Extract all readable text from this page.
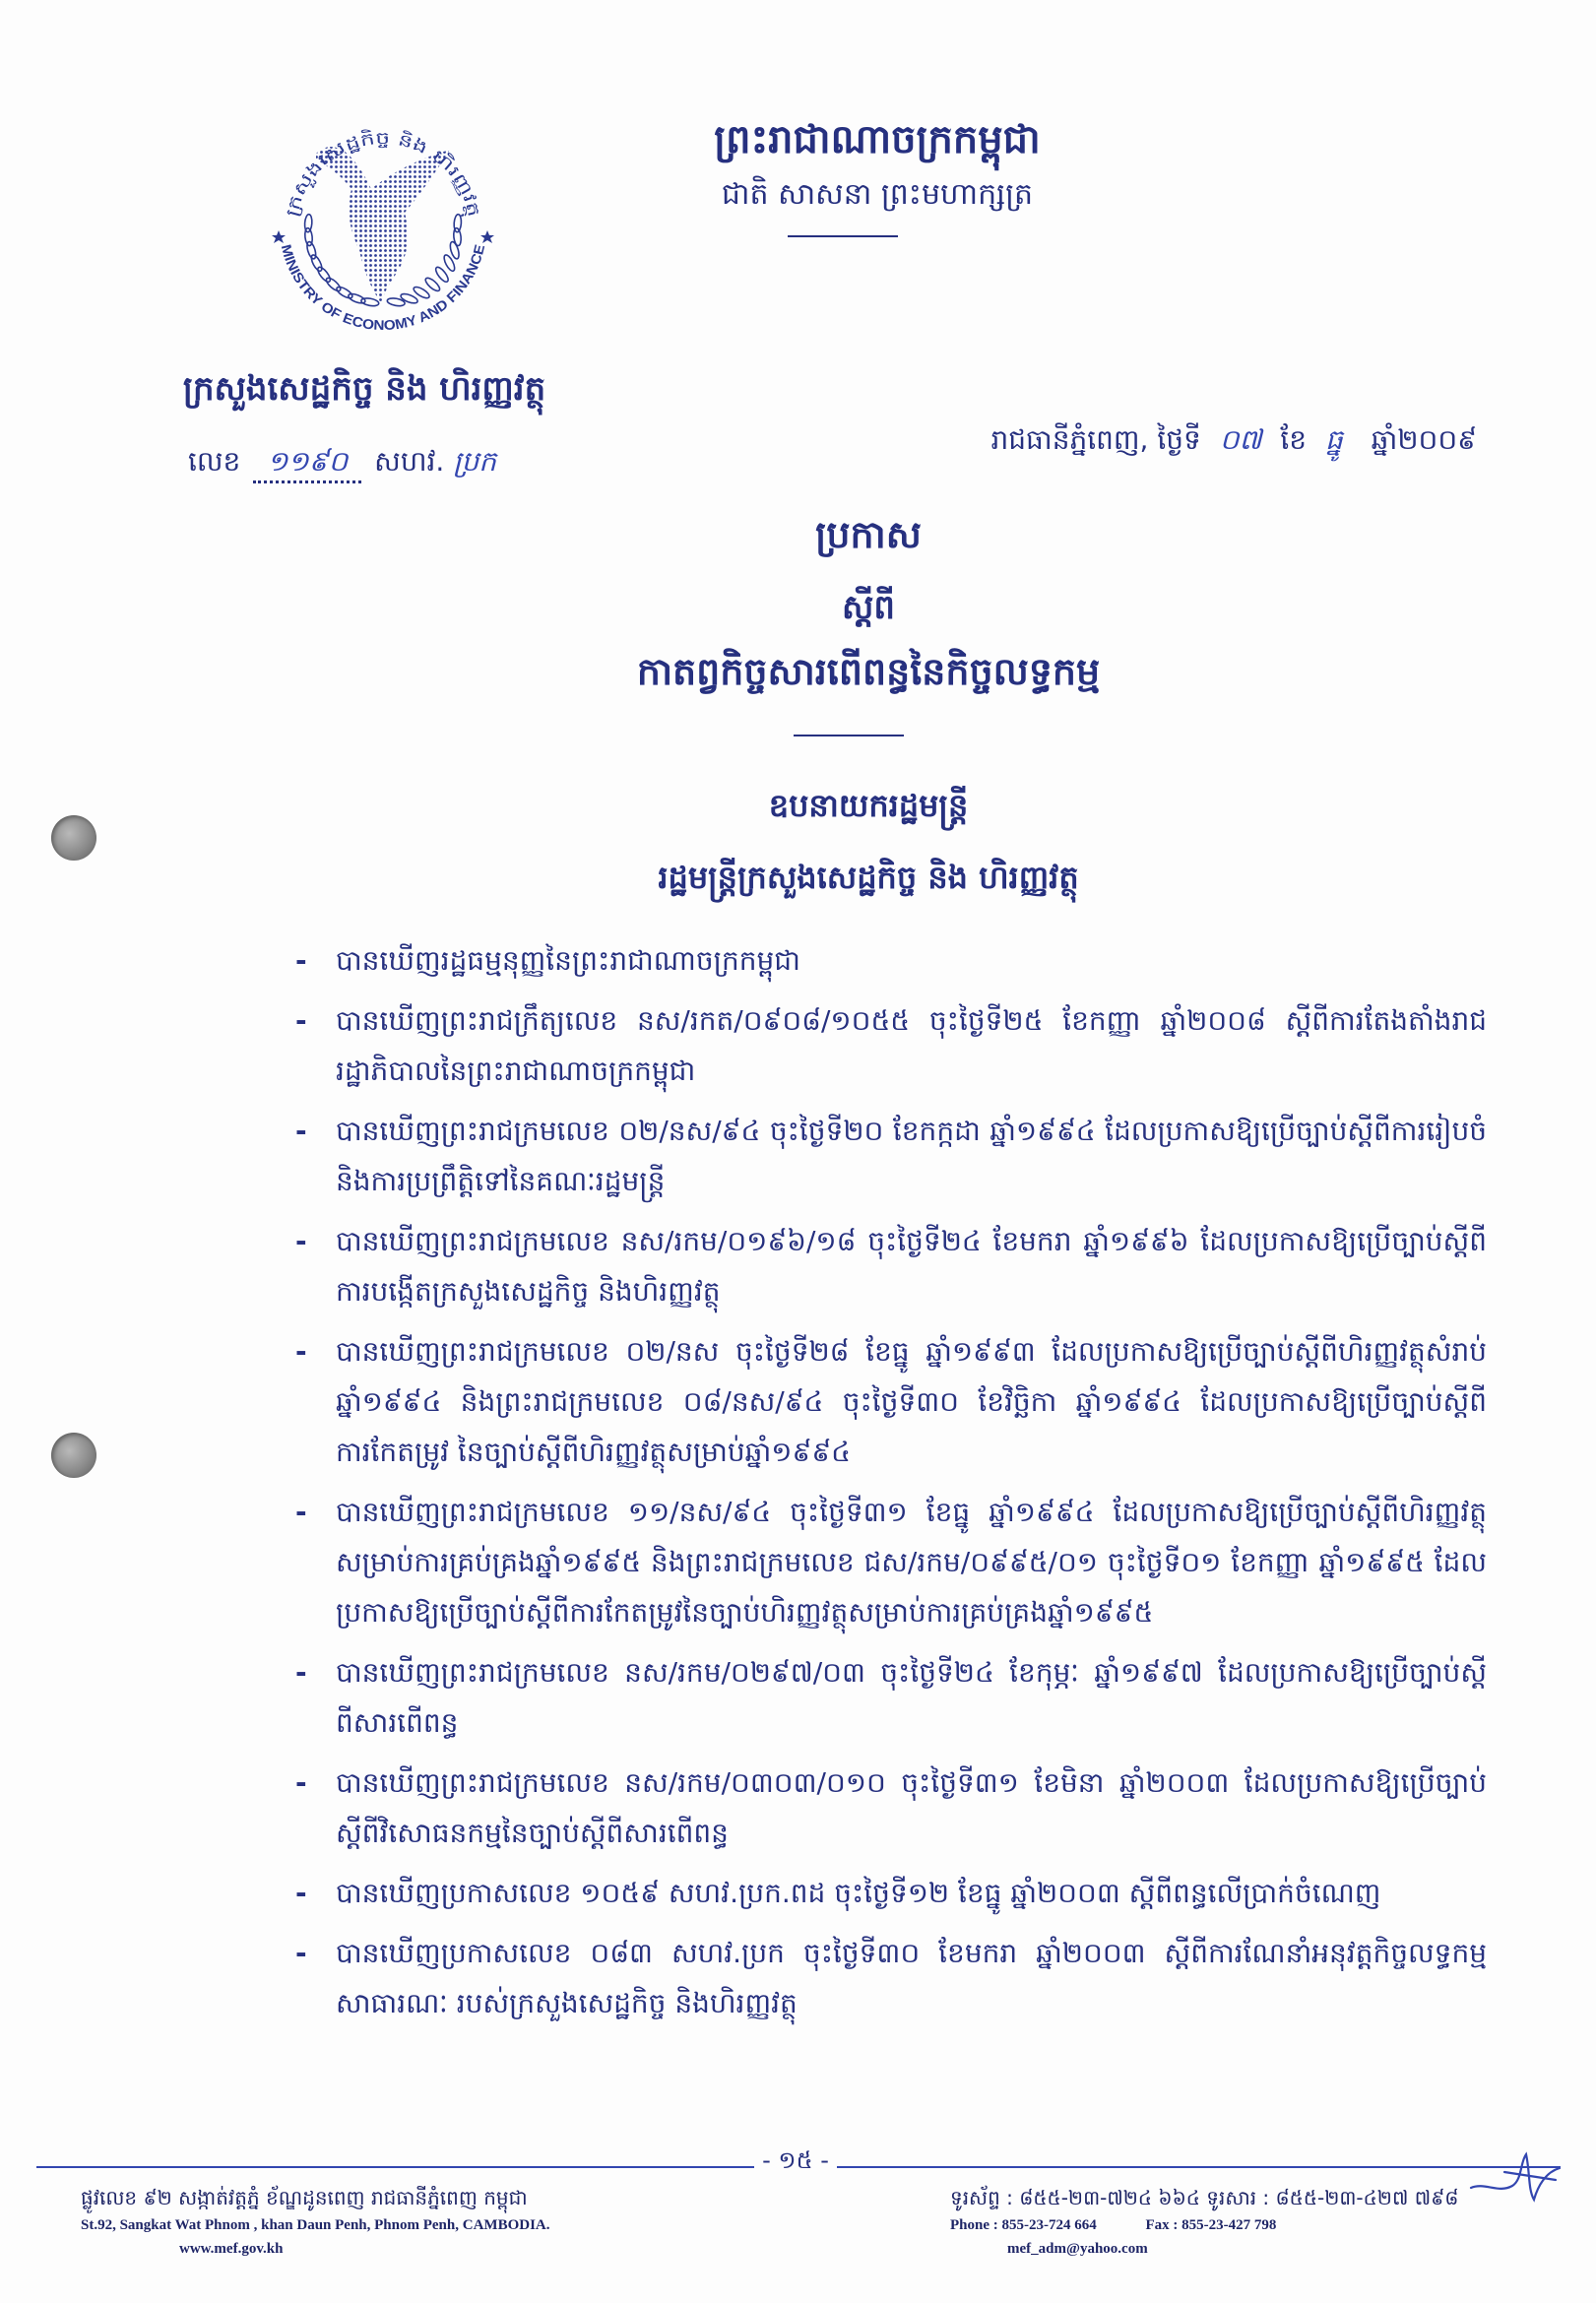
ព្រះរាជាណាចក្រកម្ពុជា
ជាតិ សាសនា ព្រះមហាក្សត្រ
ក្រសួងសេដ្ឋកិច្ច និង ហិរញ្ញវត្ថុ
MINISTRY OF ECONOMY AND FINANCE
ក្រសួងសេដ្ឋកិច្ច និង ហិរញ្ញវត្ថុ
លេខ ១១៩០ សហវ. ប្រក
រាជធានីភ្នំពេញ, ថ្ងៃទី ០៧ ខែ ធ្នូ ឆ្នាំ២០០៩
ប្រកាស
ស្តីពី
កាតព្វកិច្ចសារពើពន្ធនៃកិច្ចលទ្ធកម្ម
ឧបនាយករដ្ឋមន្ត្រី
រដ្ឋមន្ត្រីក្រសួងសេដ្ឋកិច្ច និង ហិរញ្ញវត្ថុ
- បានឃើញរដ្ឋធម្មនុញ្ញនៃព្រះរាជាណាចក្រកម្ពុជា
- បានឃើញព្រះរាជក្រឹត្យលេខ នស/រកត/០៩០៨/១០៥៥ ចុះថ្ងៃទី២៥ ខែកញ្ញា ឆ្នាំ២០០៨ ស្តីពីការតែងតាំងរាជរដ្ឋាភិបាលនៃព្រះរាជាណាចក្រកម្ពុជា
- បានឃើញព្រះរាជក្រមលេខ ០២/នស/៩៤ ចុះថ្ងៃទី២០ ខែកក្កដា ឆ្នាំ១៩៩៤ ដែលប្រកាសឱ្យប្រើច្បាប់ស្តីពីការរៀបចំ និងការប្រព្រឹត្តិទៅនៃគណៈរដ្ឋមន្ត្រី
- បានឃើញព្រះរាជក្រមលេខ នស/រកម/០១៩៦/១៨ ចុះថ្ងៃទី២៤ ខែមករា ឆ្នាំ១៩៩៦ ដែលប្រកាសឱ្យប្រើច្បាប់ស្តីពីការបង្កើតក្រសួងសេដ្ឋកិច្ច និងហិរញ្ញវត្ថុ
- បានឃើញព្រះរាជក្រមលេខ ០២/នស ចុះថ្ងៃទី២៨ ខែធ្នូ ឆ្នាំ១៩៩៣ ដែលប្រកាសឱ្យប្រើច្បាប់ស្តីពីហិរញ្ញវត្ថុសំរាប់ឆ្នាំ១៩៩៤ និងព្រះរាជក្រមលេខ ០៨/នស/៩៤ ចុះថ្ងៃទី៣០ ខែវិច្ឆិកា ឆ្នាំ១៩៩៤ ដែលប្រកាសឱ្យប្រើច្បាប់ស្តីពីការកែតម្រូវ នៃច្បាប់ស្តីពីហិរញ្ញវត្ថុសម្រាប់ឆ្នាំ១៩៩៤
- បានឃើញព្រះរាជក្រមលេខ ១១/នស/៩៤ ចុះថ្ងៃទី៣១ ខែធ្នូ ឆ្នាំ១៩៩៤ ដែលប្រកាសឱ្យប្រើច្បាប់ស្តីពីហិរញ្ញវត្ថុសម្រាប់ការគ្រប់គ្រងឆ្នាំ១៩៩៥ និងព្រះរាជក្រមលេខ ជស/រកម/០៩៩៥/០១ ចុះថ្ងៃទី០១ ខែកញ្ញា ឆ្នាំ១៩៩៥ ដែលប្រកាសឱ្យប្រើច្បាប់ស្តីពីការកែតម្រូវនៃច្បាប់ហិរញ្ញវត្ថុសម្រាប់ការគ្រប់គ្រងឆ្នាំ១៩៩៥
- បានឃើញព្រះរាជក្រមលេខ នស/រកម/០២៩៧/០៣ ចុះថ្ងៃទី២៤ ខែកុម្ភៈ ឆ្នាំ១៩៩៧ ដែលប្រកាសឱ្យប្រើច្បាប់ស្តីពីសារពើពន្ធ
- បានឃើញព្រះរាជក្រមលេខ នស/រកម/០៣០៣/០១០ ចុះថ្ងៃទី៣១ ខែមិនា ឆ្នាំ២០០៣ ដែលប្រកាសឱ្យប្រើច្បាប់ស្តីពីវិសោធនកម្មនៃច្បាប់ស្តីពីសារពើពន្ធ
- បានឃើញប្រកាសលេខ ១០៥៩ សហវ.ប្រក.ពដ ចុះថ្ងៃទី១២ ខែធ្នូ ឆ្នាំ២០០៣ ស្តីពីពន្ធលើប្រាក់ចំណេញ
- បានឃើញប្រកាសលេខ ០៨៣ សហវ.ប្រក ចុះថ្ងៃទី៣០ ខែមករា ឆ្នាំ២០០៣ ស្តីពីការណែនាំអនុវត្តកិច្ចលទ្ធកម្មសាធារណៈ របស់ក្រសួងសេដ្ឋកិច្ច និងហិរញ្ញវត្ថុ
- ១៥ -
ផ្លូវលេខ ៩២ សង្កាត់វត្តភ្នំ ខ័ណ្ឌដូនពេញ រាជធានីភ្នំពេញ កម្ពុជា
St.92, Sangkat Wat Phnom , khan Daun Penh, Phnom Penh, CAMBODIA.
www.mef.gov.kh
ទូរស័ព្ទ : ៨៥៥-២៣-៧២៤ ៦៦៤ ទូរសារ : ៨៥៥-២៣-៤២៧ ៧៩៨
Phone : 855-23-724 664	Fax : 855-23-427 798
mef_adm@yahoo.com
